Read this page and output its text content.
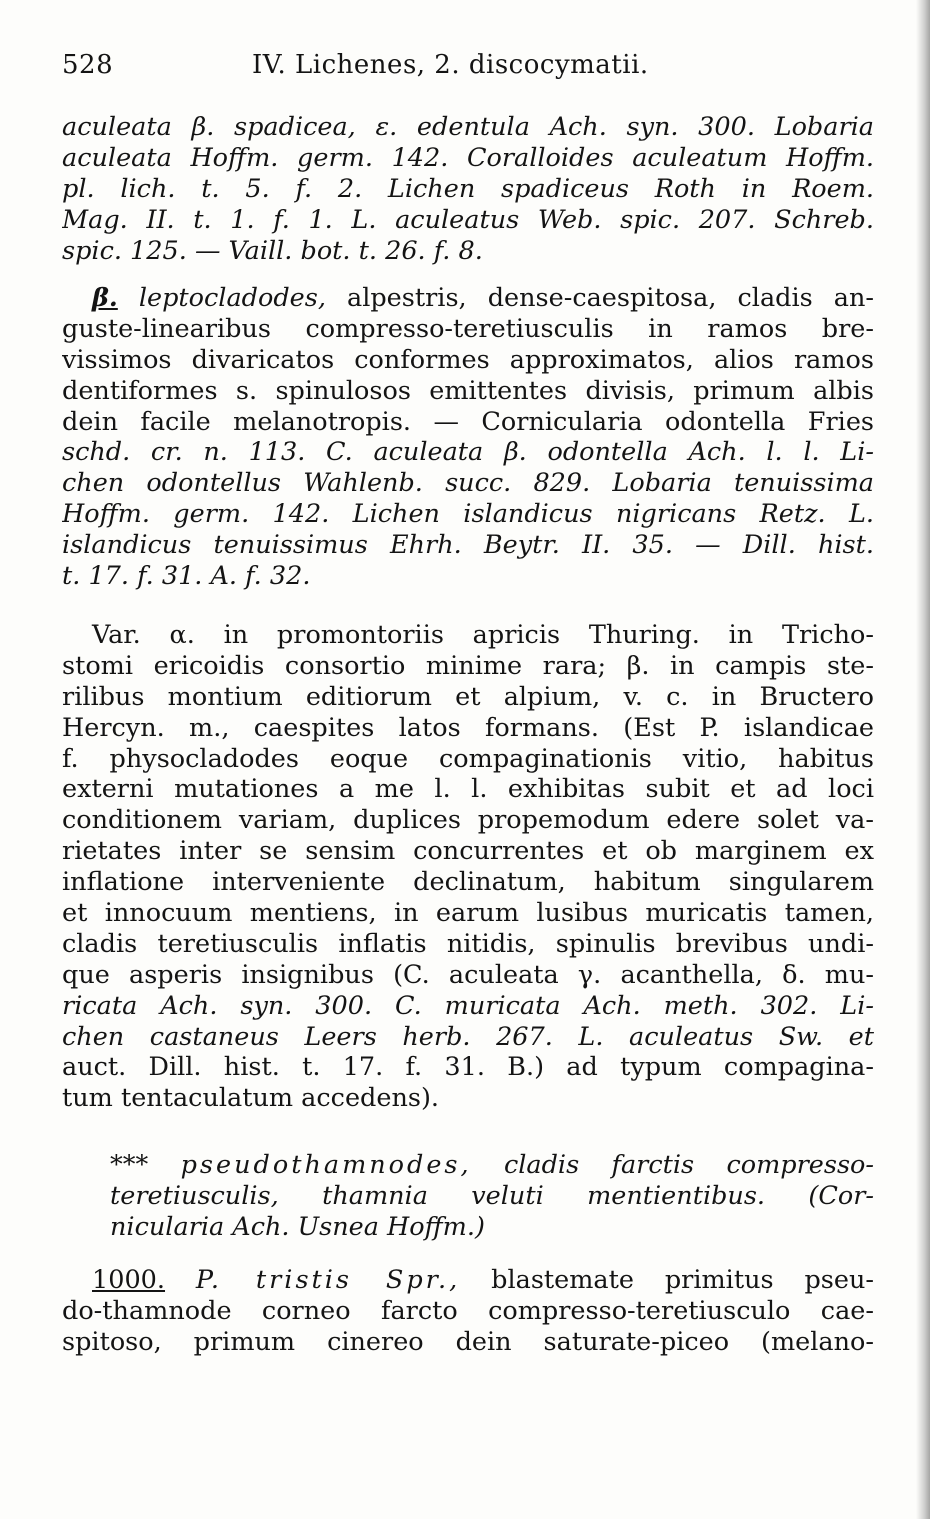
528	IV. Lichenes, 2. discocymatii.
aculeata β. spadicea, ε. edentula Ach. syn. 300. Lobaria
aculeata Hoffm. germ. 142. Coralloides aculeatum Hoffm.
pl. lich. t. 5. f. 2. Lichen spadiceus Roth in Roem.
Mag. II. t. 1. f. 1. L. aculeatus Web. spic. 207. Schreb.
spic. 125. — Vaill. bot. t. 26. f. 8.
β. leptocladodes, alpestris, dense-caespitosa, cladis an-
guste-linearibus compresso-teretiusculis in ramos bre-
vissimos divaricatos conformes approximatos, alios ramos
dentiformes s. spinulosos emittentes divisis, primum albis
dein facile melanotropis. — Cornicularia odontella Fries
schd. cr. n. 113. C. aculeata β. odontella Ach. l. l. Li-
chen odontellus Wahlenb. succ. 829. Lobaria tenuissima
Hoffm. germ. 142. Lichen islandicus nigricans Retz. L.
islandicus tenuissimus Ehrh. Beytr. II. 35. — Dill. hist.
t. 17. f. 31. A. f. 32.
Var. α. in promontoriis apricis Thuring. in Tricho-
stomi ericoidis consortio minime rara; β. in campis ste-
rilibus montium editiorum et alpium, v. c. in Bructero
Hercyn. m., caespites latos formans. (Est P. islandicae
f. physocladodes eoque compaginationis vitio, habitus
externi mutationes a me l. l. exhibitas subit et ad loci
conditionem variam, duplices propemodum edere solet va-
rietates inter se sensim concurrentes et ob marginem ex
inflatione interveniente declinatum, habitum singularem
et innocuum mentiens, in earum lusibus muricatis tamen,
cladis teretiusculis inflatis nitidis, spinulis brevibus undi-
que asperis insignibus (C. aculeata γ. acanthella, δ. mu-
ricata Ach. syn. 300. C. muricata Ach. meth. 302. Li-
chen castaneus Leers herb. 267. L. aculeatus Sw. et
auct. Dill. hist. t. 17. f. 31. B.) ad typum compagina-
tum tentaculatum accedens).
*** pseudothamnodes, cladis farctis compresso-
teretiusculis, thamnia veluti mentientibus. (Cor-
nicularia Ach. Usnea Hoffm.)
1000. P. tristis Spr., blastemate primitus pseu-
do-thamnode corneo farcto compresso-teretiusculo cae-
spitoso, primum cinereo dein saturate-piceo (melano-
